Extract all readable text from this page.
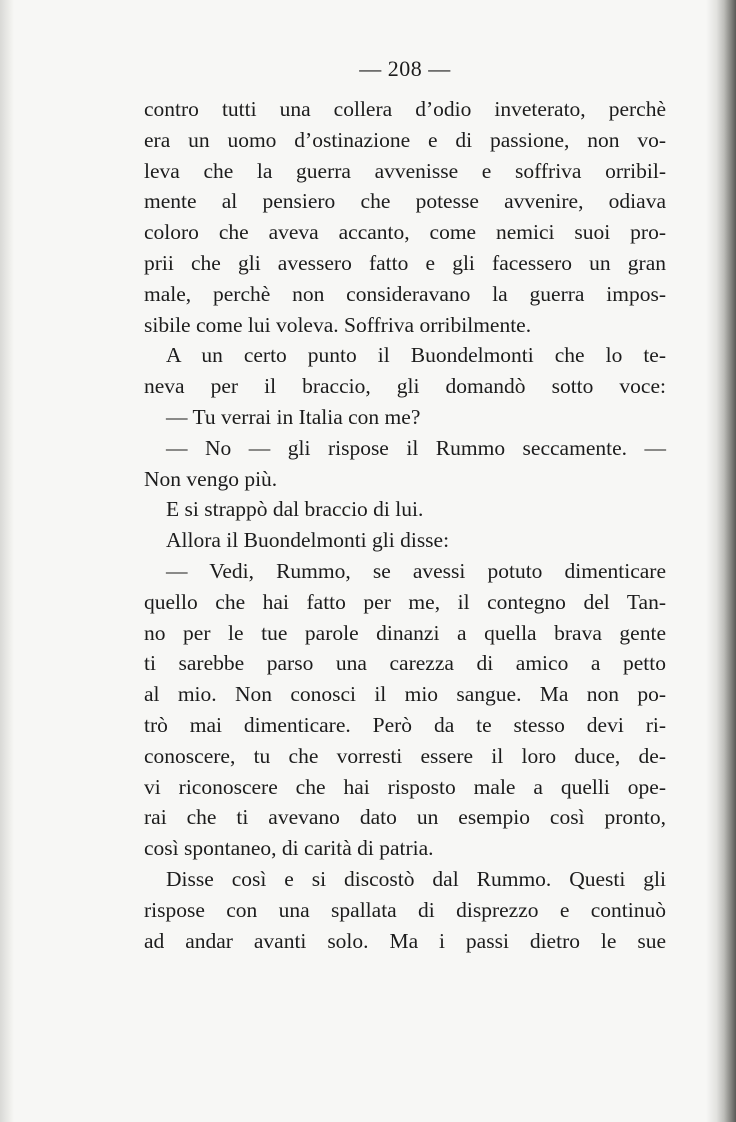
— 208 —
contro tutti una collera d’odio inveterato, perchè
era un uomo d’ostinazione e di passione, non vo-
leva che la guerra avvenisse e soffriva orribil-
mente al pensiero che potesse avvenire, odiava
coloro che aveva accanto, come nemici suoi pro-
prii che gli avessero fatto e gli facessero un gran
male, perchè non consideravano la guerra impos-
sibile come lui voleva. Soffriva orribilmente.
A un certo punto il Buondelmonti che lo te-
neva per il braccio, gli domandò sotto voce:
— Tu verrai in Italia con me?
— No — gli rispose il Rummo seccamente. —
Non vengo più.
E si strappò dal braccio di lui.
Allora il Buondelmonti gli disse:
— Vedi, Rummo, se avessi potuto dimenticare
quello che hai fatto per me, il contegno del Tan-
no per le tue parole dinanzi a quella brava gente
ti sarebbe parso una carezza di amico a petto
al mio. Non conosci il mio sangue. Ma non po-
trò mai dimenticare. Però da te stesso devi ri-
conoscere, tu che vorresti essere il loro duce, de-
vi riconoscere che hai risposto male a quelli ope-
rai che ti avevano dato un esempio così pronto,
così spontaneo, di carità di patria.
Disse così e si discostò dal Rummo. Questi gli
rispose con una spallata di disprezzo e continuò
ad andar avanti solo. Ma i passi dietro le sue
